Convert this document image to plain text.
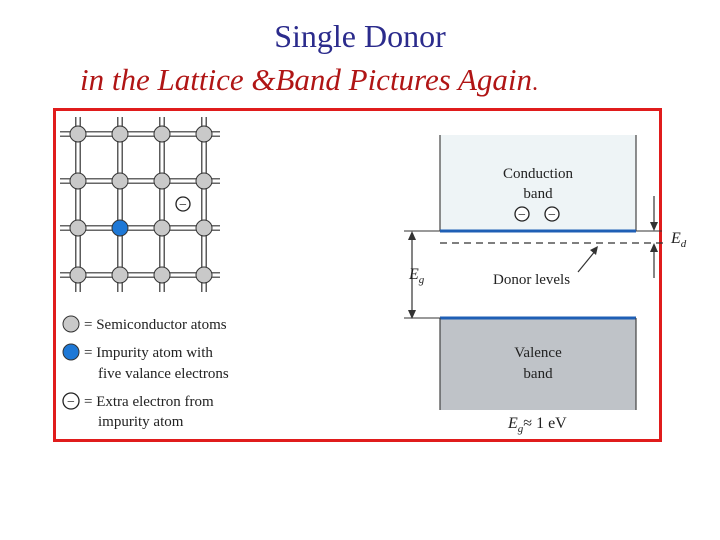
Single Donor
in the Lattice &Band Pictures Again.
−
= Semiconductor atoms
= Impurity atom with
five valance electrons
− = Extra electron from
impurity atom
Conduction
band
− −
Valence
band
Donor levels
$E_g$
$E_d$
$E_g\approx 1$ eV
